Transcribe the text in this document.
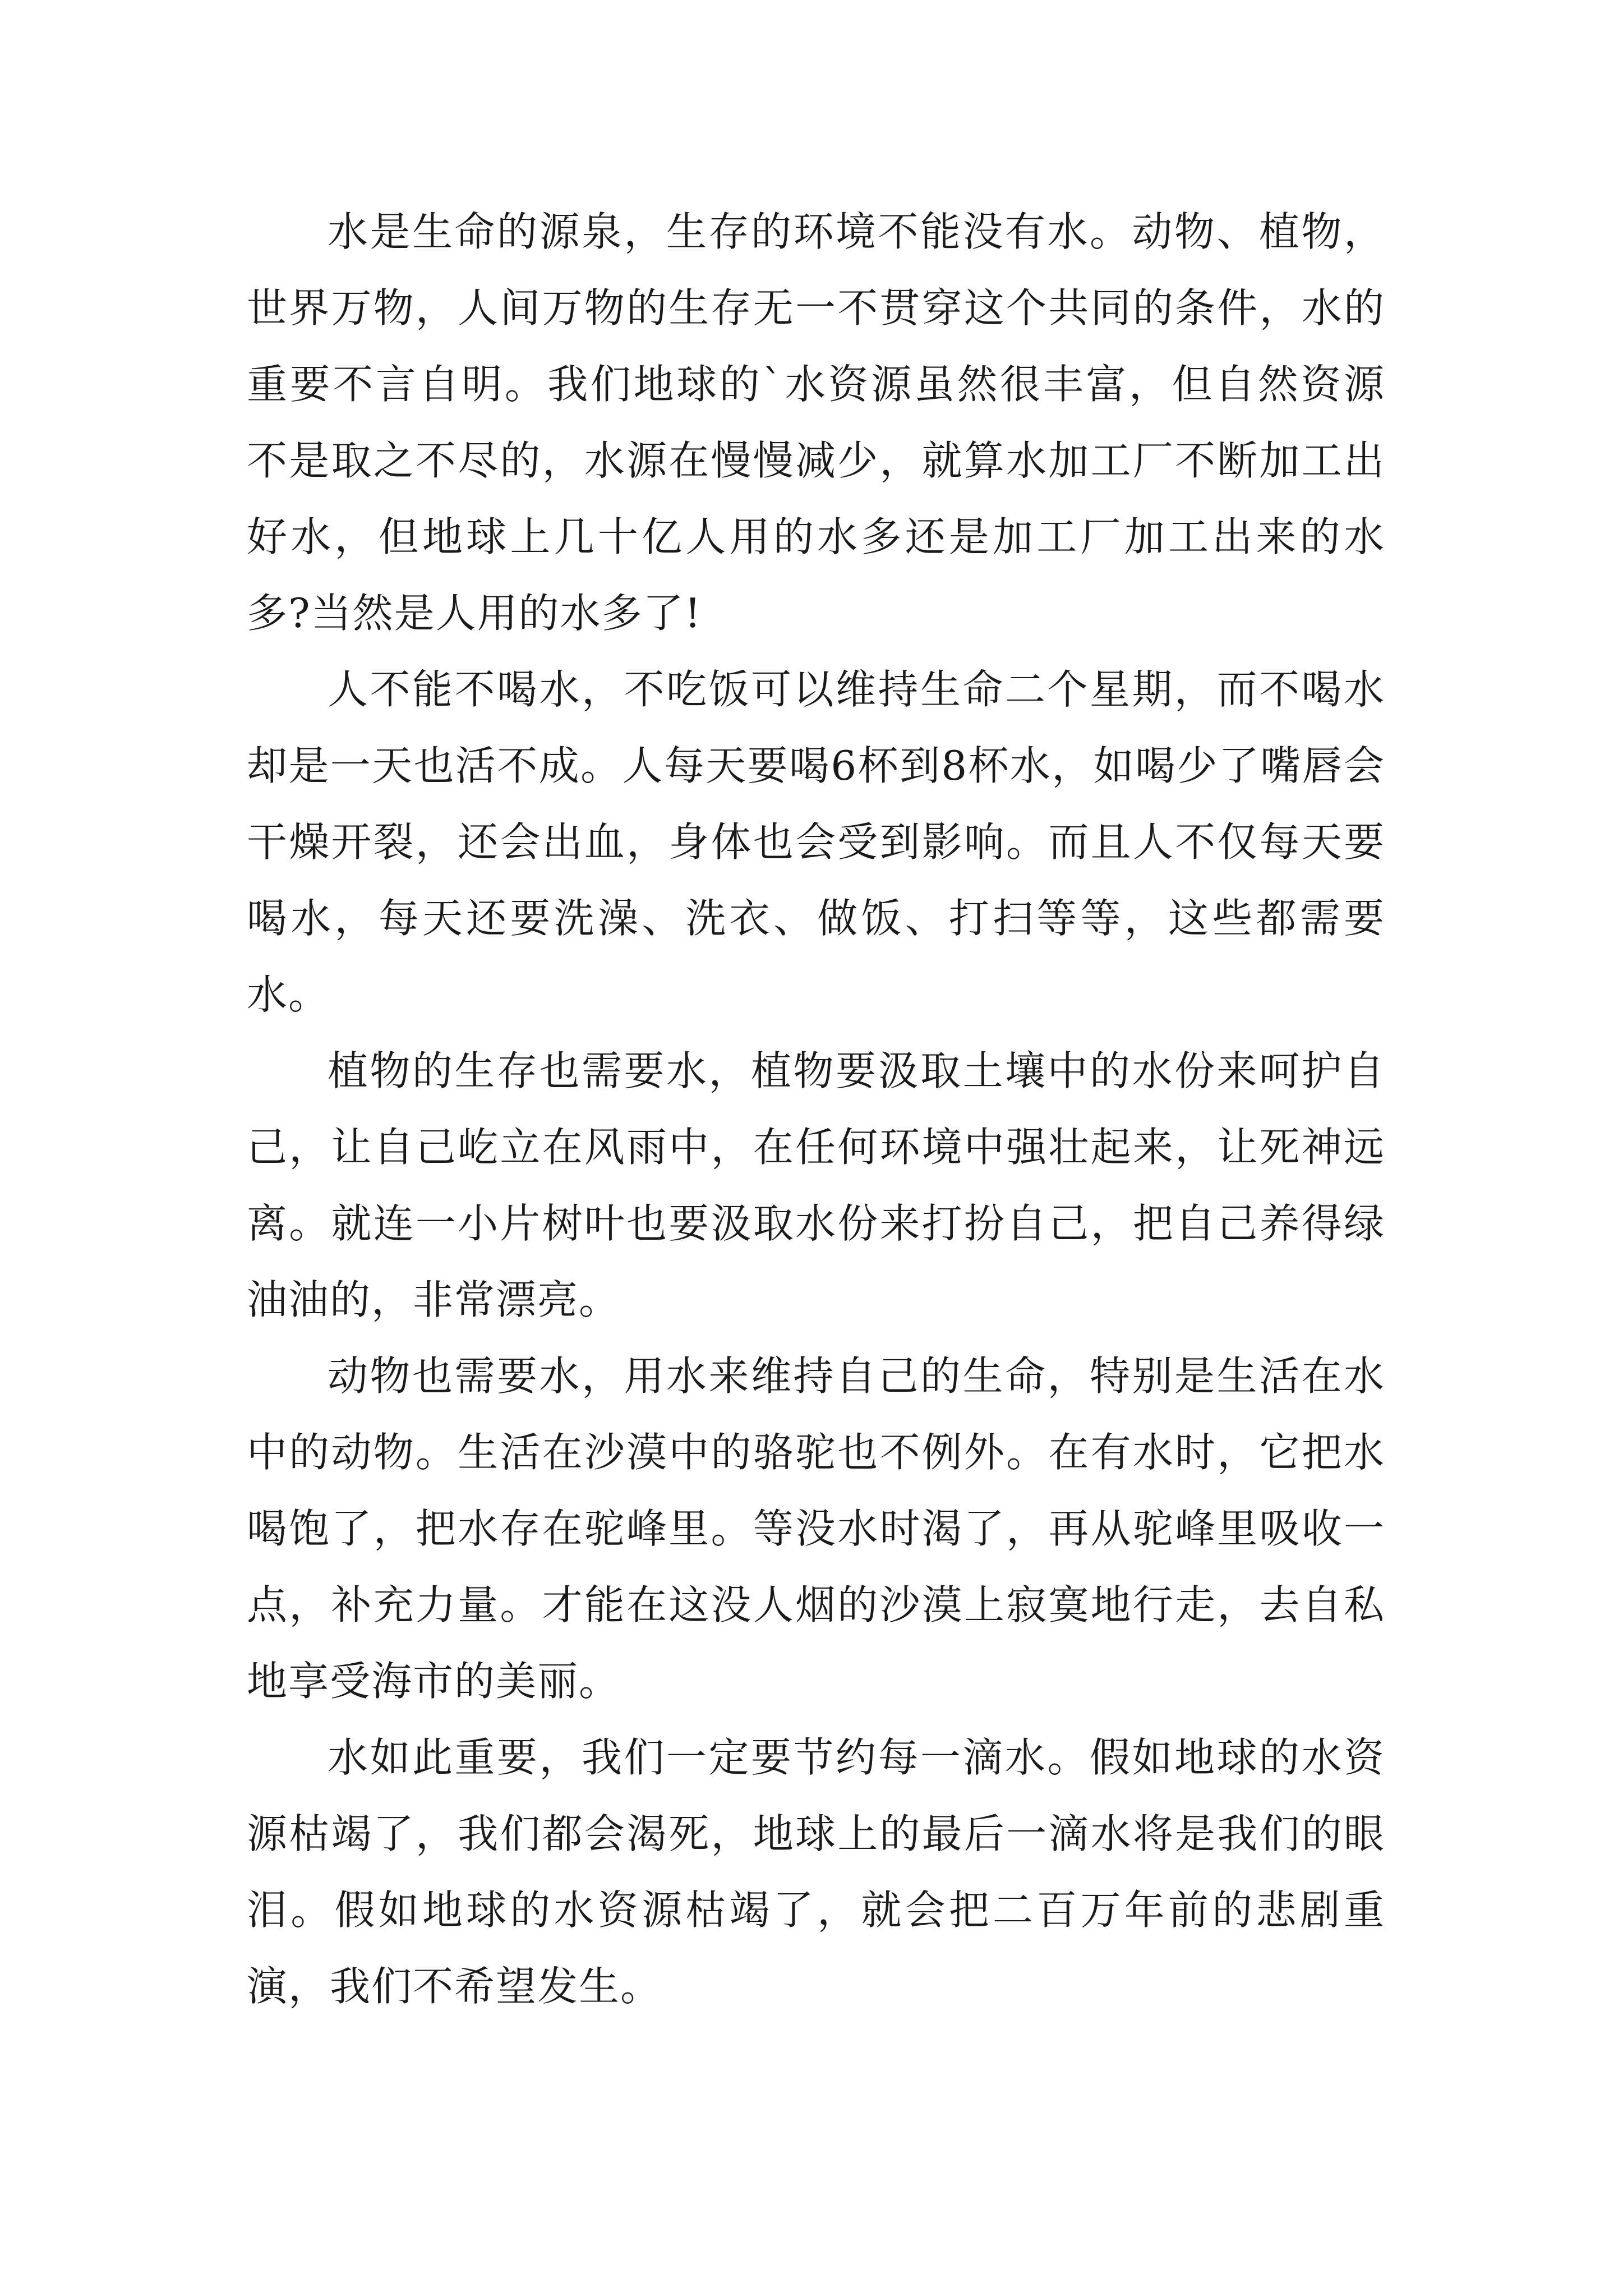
水是生命的源泉，生存的环境不能没有水。动物、植物，世界万物，人间万物的生存无一不贯穿这个共同的条件，水的重要不言自明。我们地球的`水资源虽然很丰富，但自然资源不是取之不尽的，水源在慢慢减少，就算水加工厂不断加工出好水，但地球上几十亿人用的水多还是加工厂加工出来的水多?当然是人用的水多了!

人不能不喝水，不吃饭可以维持生命二个星期，而不喝水却是一天也活不成。人每天要喝6杯到8杯水，如喝少了嘴唇会干燥开裂，还会出血，身体也会受到影响。而且人不仅每天要喝水，每天还要洗澡、洗衣、做饭、打扫等等，这些都需要水。

植物的生存也需要水，植物要汲取土壤中的水份来呵护自己，让自己屹立在风雨中，在任何环境中强壮起来，让死神远离。就连一小片树叶也要汲取水份来打扮自己，把自己养得绿油油的，非常漂亮。

动物也需要水，用水来维持自己的生命，特别是生活在水中的动物。生活在沙漠中的骆驼也不例外。在有水时，它把水喝饱了，把水存在驼峰里。等没水时渴了，再从驼峰里吸收一点，补充力量。才能在这没人烟的沙漠上寂寞地行走，去自私地享受海市的美丽。

水如此重要，我们一定要节约每一滴水。假如地球的水资源枯竭了，我们都会渴死，地球上的最后一滴水将是我们的眼泪。假如地球的水资源枯竭了，就会把二百万年前的悲剧重演，我们不希望发生。
